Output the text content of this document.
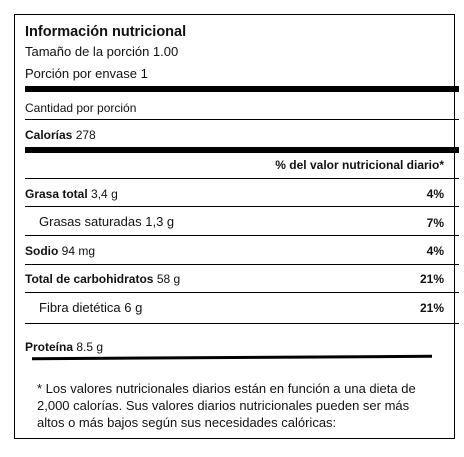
Información nutricional
Tamaño de la porción 1.00
Porción por envase 1
Cantidad por porción
Calorías 278
% del valor nutricional diario*
Grasa total 3,4 g	4%
Grasas saturadas 1,3 g	7%
Sodio 94 mg	4%
Total de carbohidratos 58 g	21%
Fibra dietética 6 g	21%
Proteína 8.5 g
* Los valores nutricionales diarios están en función a una dieta de 2,000 calorías. Sus valores diarios nutricionales pueden ser más altos o más bajos según sus necesidades calóricas:
